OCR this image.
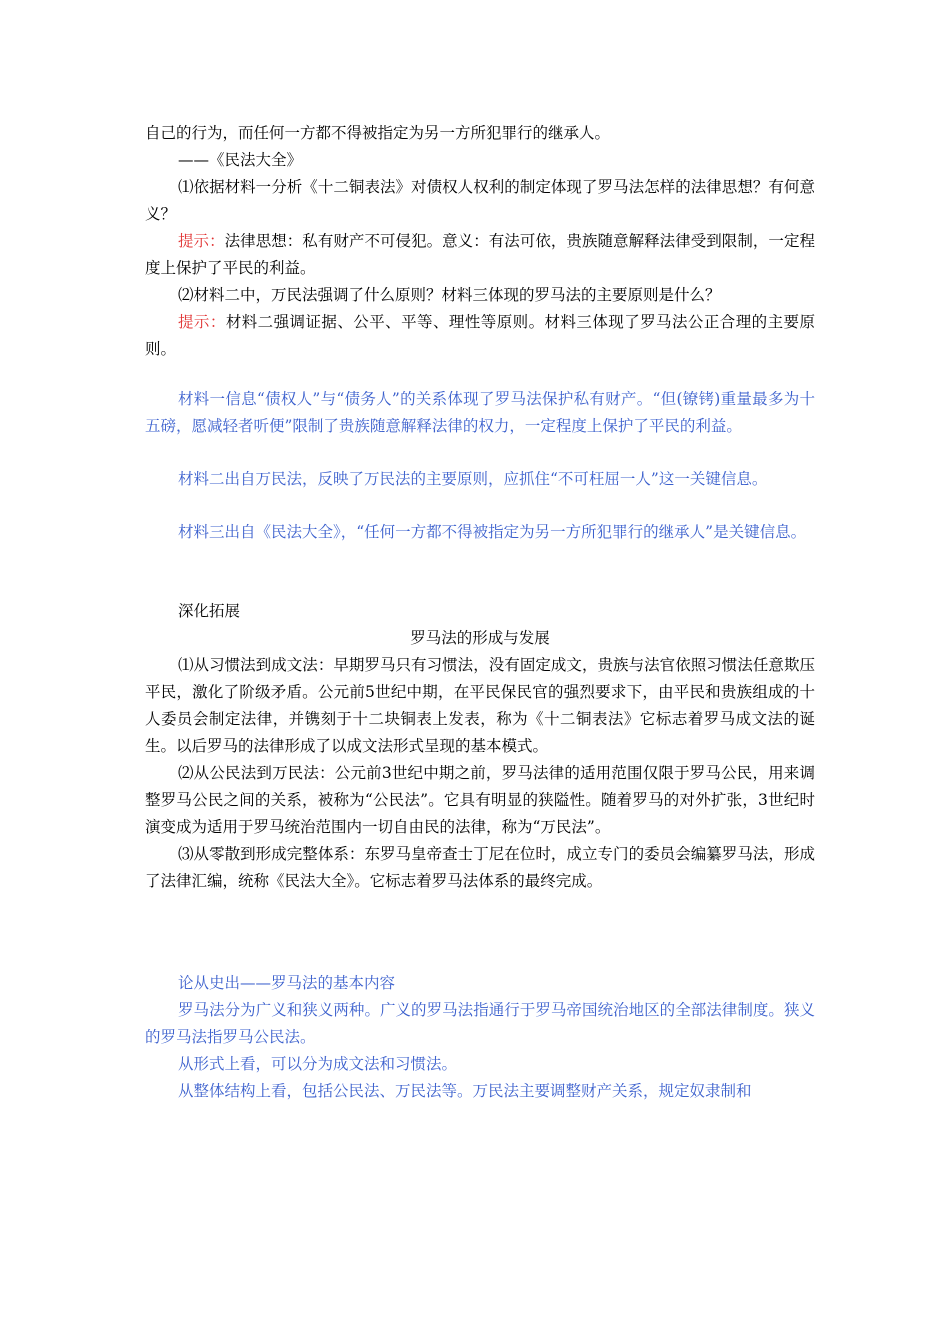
自己的行为，而任何一方都不得被指定为另一方所犯罪行的继承人。

——《民法大全》

⑴依据材料一分析《十二铜表法》对债权人权利的制定体现了罗马法怎样的法律思想？有何意义？

提示：法律思想：私有财产不可侵犯。意义：有法可依，贵族随意解释法律受到限制，一定程度上保护了平民的利益。

⑵材料二中，万民法强调了什么原则？材料三体现的罗马法的主要原则是什么？

提示：材料二强调证据、公平、平等、理性等原则。材料三体现了罗马法公正合理的主要原则。

材料一信息“债权人”与“债务人”的关系体现了罗马法保护私有财产。“但(镣铐)重量最多为十五磅，愿减轻者听便”限制了贵族随意解释法律的权力，一定程度上保护了平民的利益。

材料二出自万民法，反映了万民法的主要原则，应抓住“不可枉屈一人”这一关键信息。

材料三出自《民法大全》，“任何一方都不得被指定为另一方所犯罪行的继承人”是关键信息。

深化拓展

罗马法的形成与发展

⑴从习惯法到成文法：早期罗马只有习惯法，没有固定成文，贵族与法官依照习惯法任意欺压平民，激化了阶级矛盾。公元前5世纪中期，在平民保民官的强烈要求下，由平民和贵族组成的十人委员会制定法律，并镌刻于十二块铜表上发表，称为《十二铜表法》它标志着罗马成文法的诞生。以后罗马的法律形成了以成文法形式呈现的基本模式。

⑵从公民法到万民法：公元前3世纪中期之前，罗马法律的适用范围仅限于罗马公民，用来调整罗马公民之间的关系，被称为“公民法”。它具有明显的狭隘性。随着罗马的对外扩张，3世纪时演变成为适用于罗马统治范围内一切自由民的法律，称为“万民法”。

⑶从零散到形成完整体系：东罗马皇帝查士丁尼在位时，成立专门的委员会编纂罗马法，形成了法律汇编，统称《民法大全》。它标志着罗马法体系的最终完成。

论从史出——罗马法的基本内容

罗马法分为广义和狭义两种。广义的罗马法指通行于罗马帝国统治地区的全部法律制度。狭义的罗马法指罗马公民法。

从形式上看，可以分为成文法和习惯法。

从整体结构上看，包括公民法、万民法等。万民法主要调整财产关系，规定奴隶制和
